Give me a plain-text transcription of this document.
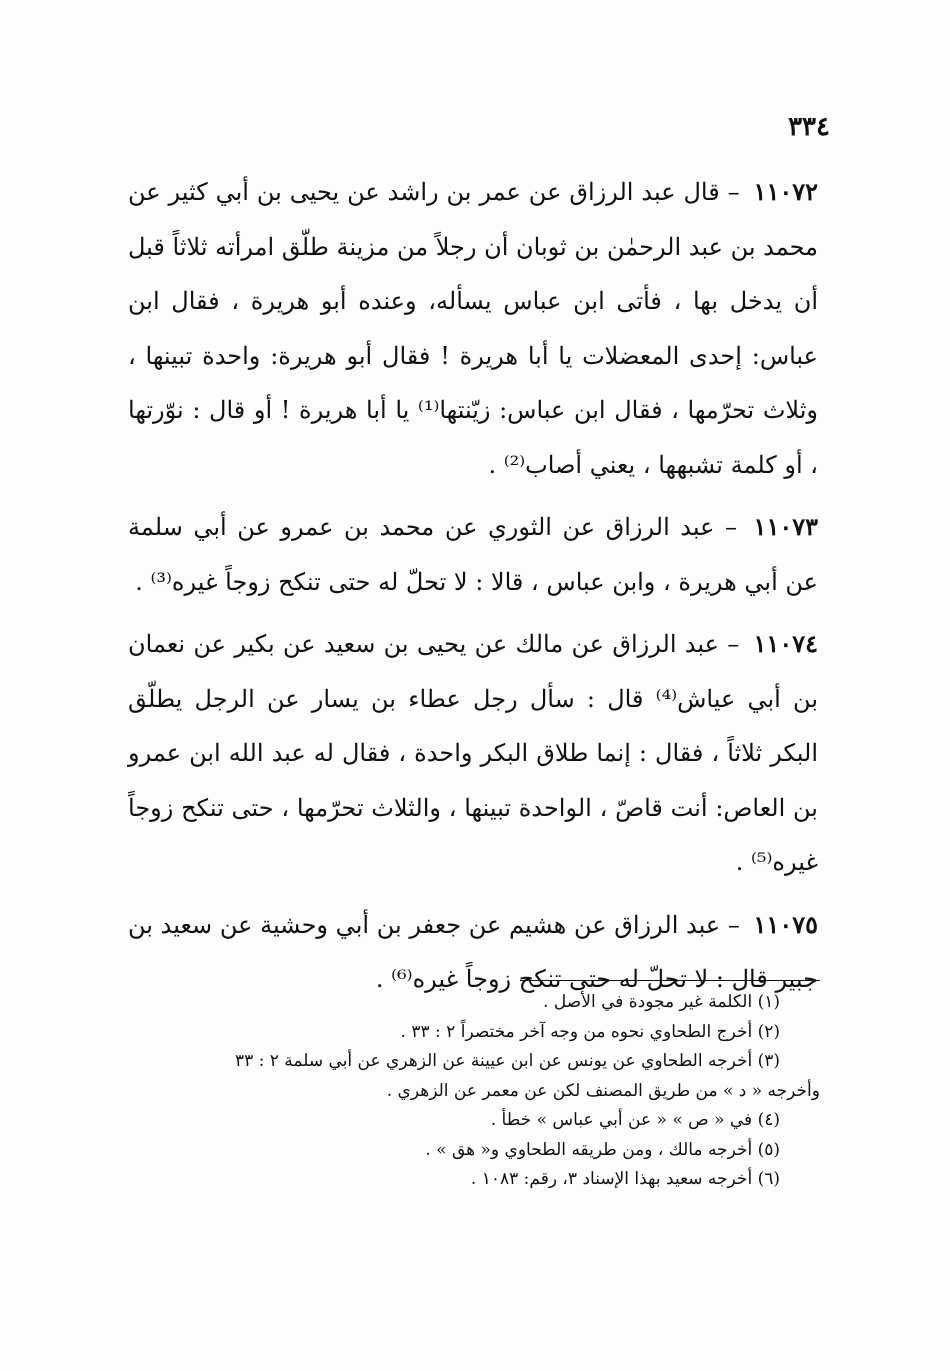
٣٣٤

١١٠٧٢ – قال عبد الرزاق عن عمر بن راشد عن يحيى بن أبي كثير عن محمد بن عبد الرحمٰن بن ثوبان أن رجلاً من مزينة طلّق امرأته ثلاثاً قبل أن يدخل بها ، فأتى ابن عباس يسأله، وعنده أبو هريرة ، فقال ابن عباس: إحدى المعضلات يا أبا هريرة ! فقال أبو هريرة: واحدة تبينها ، وثلاث تحرّمها ، فقال ابن عباس: زيّنتها⁽¹⁾ يا أبا هريرة ! أو قال : نوّرتها ، أو كلمة تشبهها ، يعني أصاب⁽²⁾ .

١١٠٧٣ – عبد الرزاق عن الثوري عن محمد بن عمرو عن أبي سلمة عن أبي هريرة ، وابن عباس ، قالا : لا تحلّ له حتى تنكح زوجاً غيره⁽³⁾ .

١١٠٧٤ – عبد الرزاق عن مالك عن يحيى بن سعيد عن بكير عن نعمان بن أبي عياش⁽⁴⁾ قال : سأل رجل عطاء بن يسار عن الرجل يطلّق البكر ثلاثاً ، فقال : إنما طلاق البكر واحدة ، فقال له عبد الله ابن عمرو بن العاص: أنت قاصّ ، الواحدة تبينها ، والثلاث تحرّمها ، حتى تنكح زوجاً غيره⁽⁵⁾ .

١١٠٧٥ – عبد الرزاق عن هشيم عن جعفر بن أبي وحشية عن سعيد بن جبير قال : لا تحلّ له حتى تنكح زوجاً غيره⁽⁶⁾ .

(١) الكلمة غير مجودة في الأصل .

(٢) أخرج الطحاوي نحوه من وجه آخر مختصراً ٢ : ٣٣ .

(٣) أخرجه الطحاوي عن يونس عن ابن عيينة عن الزهري عن أبي سلمة ٢ : ٣٣

وأخرجه « د » من طريق المصنف لكن عن معمر عن الزهري .

(٤) في « ص » « عن أبي عباس » خطأ .

(٥) أخرجه مالك ، ومن طريقه الطحاوي و« هق » .

(٦) أخرجه سعيد بهذا الإسناد ٣، رقم: ١٠٨٣ .
